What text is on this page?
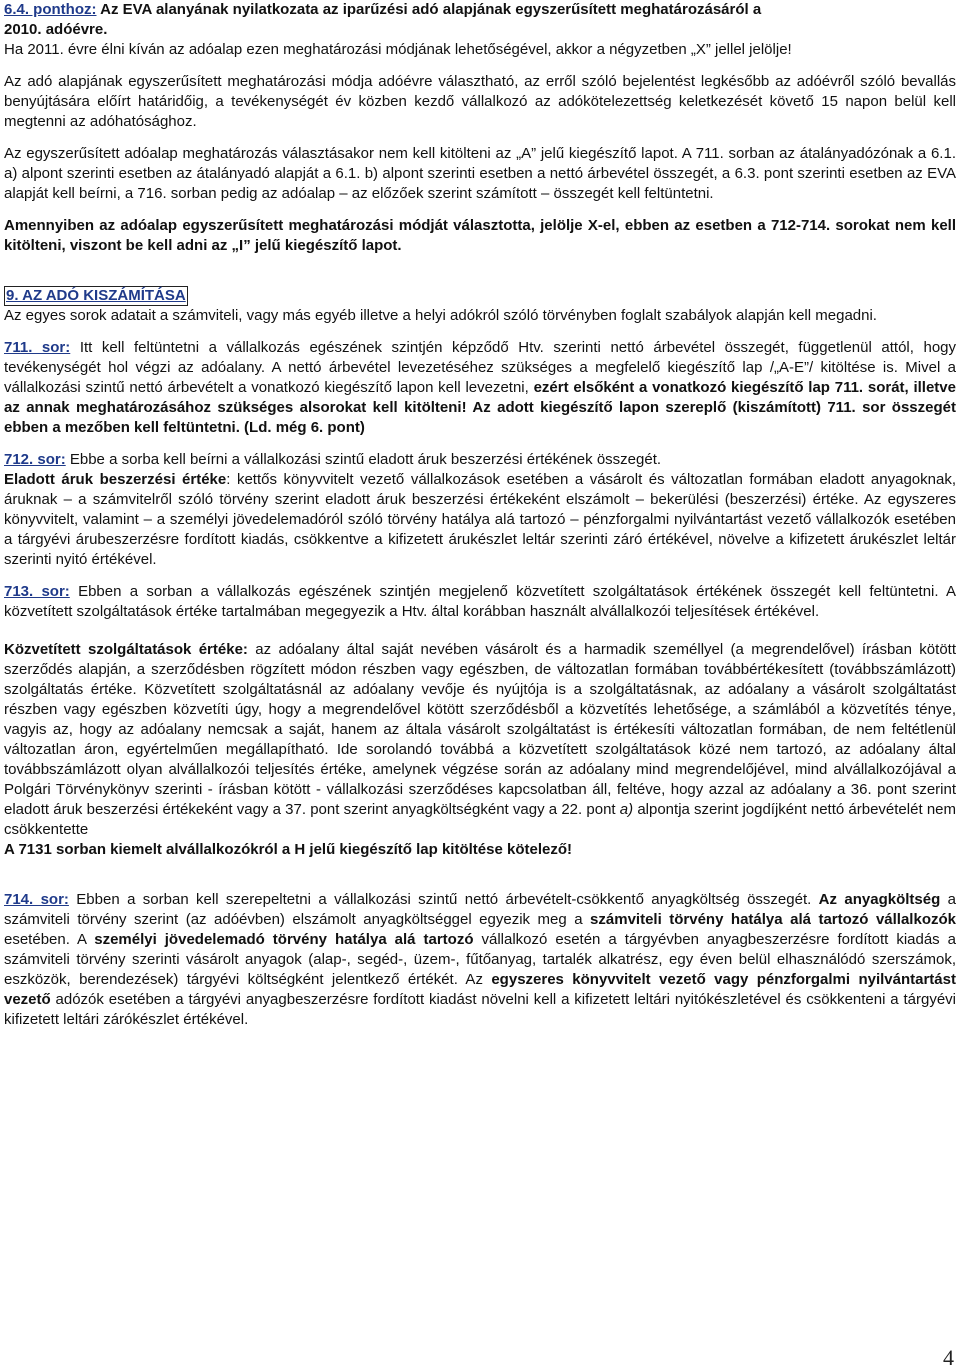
6.4. ponthoz: Az EVA alanyának nyilatkozata az iparűzési adó alapjának egyszerűsített meghatározásáról a
2010. adóévre.

Ha 2011. évre élni kíván az adóalap ezen meghatározási módjának lehetőségével, akkor a négyzetben „X” jellel jelölje!

Az adó alapjának egyszerűsített meghatározási módja adóévre választható, az erről szóló bejelentést legkésőbb az adóévről szóló bevallás benyújtására előírt határidőig, a tevékenységét év közben kezdő vállalkozó az adókötelezettség keletkezését követő 15 napon belül kell megtenni az adóhatósághoz.

Az egyszerűsített adóalap meghatározás választásakor nem kell kitölteni az „A” jelű kiegészítő lapot. A 711. sorban az átalányadózónak a 6.1. a) alpont szerinti esetben az átalányadó alapját a 6.1. b) alpont szerinti esetben a nettó árbevétel összegét, a 6.3. pont szerinti esetben az EVA alapját kell beírni, a 716. sorban pedig az adóalap – az előzőek szerint számított – összegét kell feltüntetni.

Amennyiben az adóalap egyszerűsített meghatározási módját választotta, jelölje X-el, ebben az esetben a 712-714. sorokat nem kell kitölteni, viszont be kell adni az „I” jelű kiegészítő lapot.

9. AZ ADÓ KISZÁMÍTÁSA

Az egyes sorok adatait a számviteli, vagy más egyéb illetve a helyi adókról szóló törvényben foglalt szabályok alapján kell megadni.

711. sor: Itt kell feltüntetni a vállalkozás egészének szintjén képződő Htv. szerinti nettó árbevétel összegét, függetlenül attól, hogy tevékenységét hol végzi az adóalany. A nettó árbevétel levezetéséhez szükséges a megfelelő kiegészítő lap /„A-E”/ kitöltése is. Mivel a vállalkozási szintű nettó árbevételt a vonatkozó kiegészítő lapon kell levezetni, ezért elsőként a vonatkozó kiegészítő lap 711. sorát, illetve az annak meghatározásához szükséges alsorokat kell kitölteni! Az adott kiegészítő lapon szereplő (kiszámított) 711. sor összegét ebben a mezőben kell feltüntetni. (Ld. még 6. pont)

712. sor: Ebbe a sorba kell beírni a vállalkozási szintű eladott áruk beszerzési értékének összegét.

Eladott áruk beszerzési értéke: kettős könyvvitelt vezető vállalkozások esetében a vásárolt és változatlan formában eladott anyagoknak, áruknak – a számvitelről szóló törvény szerint eladott áruk beszerzési értékeként elszámolt – bekerülési (beszerzési) értéke. Az egyszeres könyvvitelt, valamint – a személyi jövedelemadóról szóló törvény hatálya alá tartozó – pénzforgalmi nyilvántartást vezető vállalkozók esetében a tárgyévi árubeszerzésre fordított kiadás, csökkentve a kifizetett árukészlet leltár szerinti záró értékével, növelve a kifizetett árukészlet leltár szerinti nyitó értékével.

713. sor: Ebben a sorban a vállalkozás egészének szintjén megjelenő közvetített szolgáltatások értékének összegét kell feltüntetni. A közvetített szolgáltatások értéke tartalmában megegyezik a Htv. által korábban használt alvállalkozói teljesítések értékével.

Közvetített szolgáltatások értéke: az adóalany által saját nevében vásárolt és a harmadik személlyel (a megrendelővel) írásban kötött szerződés alapján, a szerződésben rögzített módon részben vagy egészben, de változatlan formában továbbértékesített (továbbszámlázott) szolgáltatás értéke. Közvetített szolgáltatásnál az adóalany vevője és nyújtója is a szolgáltatásnak, az adóalany a vásárolt szolgáltatást részben vagy egészben közvetíti úgy, hogy a megrendelővel kötött szerződésből a közvetítés lehetősége, a számlából a közvetítés ténye, vagyis az, hogy az adóalany nemcsak a saját, hanem az általa vásárolt szolgáltatást is értékesíti változatlan formában, de nem feltétlenül változatlan áron, egyértelműen megállapítható. Ide sorolandó továbbá a közvetített szolgáltatások közé nem tartozó, az adóalany által továbbszámlázott olyan alvállalkozói teljesítés értéke, amelynek végzése során az adóalany mind megrendelőjével, mind alvállalkozójával a Polgári Törvénykönyv szerinti - írásban kötött - vállalkozási szerződéses kapcsolatban áll, feltéve, hogy azzal az adóalany a 36. pont szerint eladott áruk beszerzési értékeként vagy a 37. pont szerint anyagköltségként vagy a 22. pont a) alpontja szerint jogdíjként nettó árbevételét nem csökkentette

A 7131 sorban kiemelt alvállalkozókról a H jelű kiegészítő lap kitöltése kötelező!

714. sor: Ebben a sorban kell szerepeltetni a vállalkozási szintű nettó árbevételt-csökkentő anyagköltség összegét. Az anyagköltség a számviteli törvény szerint (az adóévben) elszámolt anyagköltséggel egyezik meg a számviteli törvény hatálya alá tartozó vállalkozók esetében. A személyi jövedelemadó törvény hatálya alá tartozó vállalkozó esetén a tárgyévben anyagbeszerzésre fordított kiadás a számviteli törvény szerinti vásárolt anyagok (alap-, segéd-, üzem-, fűtőanyag, tartalék alkatrész, egy éven belül elhasználódó szerszámok, eszközök, berendezések) tárgyévi költségként jelentkező értékét. Az egyszeres könyvvitelt vezető vagy pénzforgalmi nyilvántartást vezető adózók esetében a tárgyévi anyagbeszerzésre fordított kiadást növelni kell a kifizetett leltári nyitókészletével és csökkenteni a tárgyévi kifizetett leltári zárókészlet értékével.

4
